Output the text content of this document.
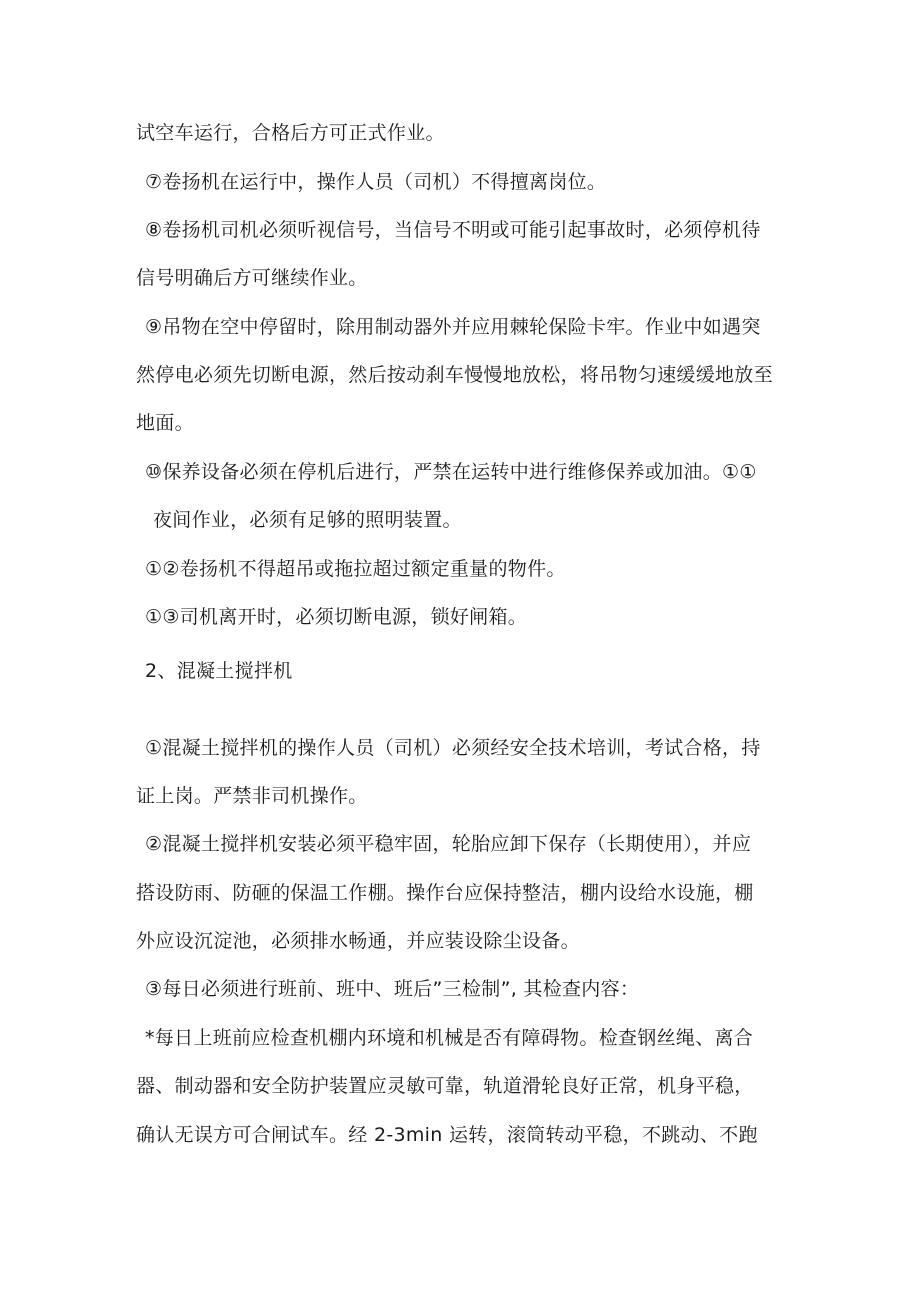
试空车运行，合格后方可正式作业。
⑦卷扬机在运行中，操作人员（司机）不得擅离岗位。
⑧卷扬机司机必须听视信号，当信号不明或可能引起事故时，必须停机待
信号明确后方可继续作业。
⑨吊物在空中停留时，除用制动器外并应用棘轮保险卡牢。作业中如遇突
然停电必须先切断电源，然后按动刹车慢慢地放松，将吊物匀速缓缓地放至
地面。
⑩保养设备必须在停机后进行，严禁在运转中进行维修保养或加油。①①
夜间作业，必须有足够的照明装置。
①②卷扬机不得超吊或拖拉超过额定重量的物件。
①③司机离开时，必须切断电源，锁好闸箱。
2、混凝土搅拌机
①混凝土搅拌机的操作人员（司机）必须经安全技术培训，考试合格，持
证上岗。严禁非司机操作。
②混凝土搅拌机安装必须平稳牢固，轮胎应卸下保存（长期使用），并应
搭设防雨、防砸的保温工作棚。操作台应保持整洁，棚内设给水设施，棚
外应设沉淀池，必须排水畅通，并应装设除尘设备。
③每日必须进行班前、班中、班后”三检制”, 其检查内容：
*每日上班前应检查机棚内环境和机械是否有障碍物。检查钢丝绳、离合
器、制动器和安全防护装置应灵敏可靠，轨道滑轮良好正常，机身平稳，
确认无误方可合闸试车。经 2-3min 运转，滚筒转动平稳，不跳动、不跑
